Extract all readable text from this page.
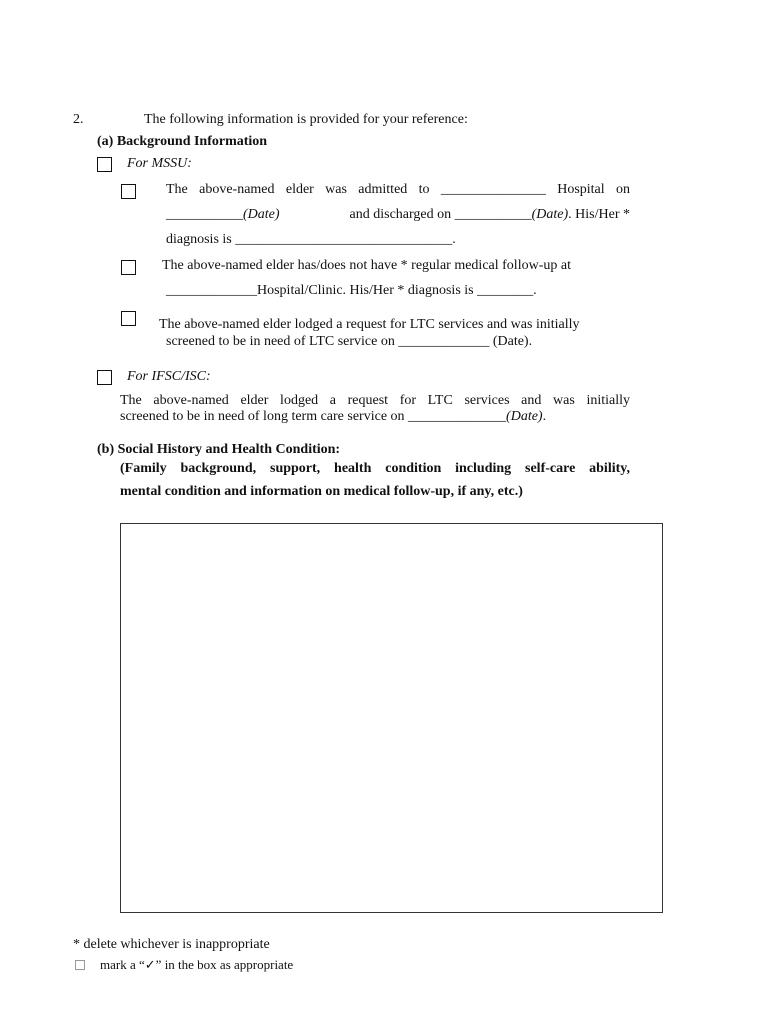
2.	The following information is provided for your reference:
(a) Background Information
For MSSU:
The above-named elder was admitted to _______________ Hospital on
___________(Date)	and discharged on ___________(Date). His/Her *
diagnosis is _______________________________.
The above-named elder has/does not have * regular medical follow-up at
_____________Hospital/Clinic. His/Her * diagnosis is ________.
The above-named elder lodged a request for LTC services and was initially
screened to be in need of LTC service on _____________ (Date).
For IFSC/ISC:
The above-named elder lodged a request for LTC services and was initially
screened to be in need of long term care service on ______________(Date).
(b) Social History and Health Condition:
(Family background, support, health condition including self-care ability,
mental condition and information on medical follow-up, if any, etc.)
* delete whichever is inappropriate
mark a “✓” in the box as appropriate
